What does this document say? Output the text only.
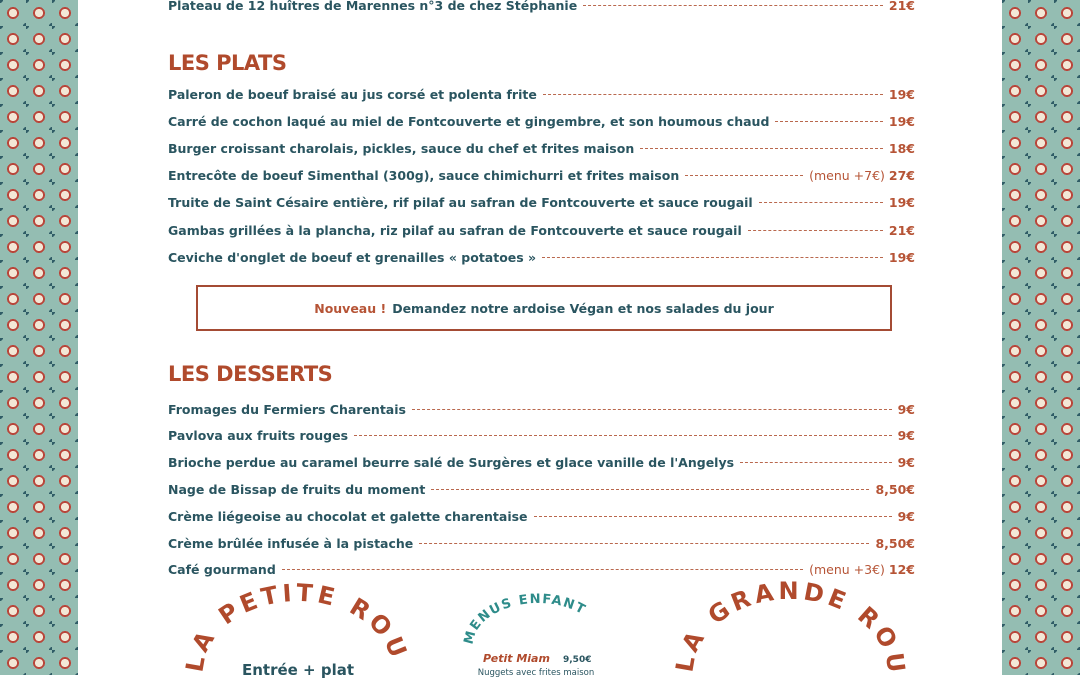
Plateau de 12 huîtres de Marennes n°3 de chez Stéphanie	21€
LES PLATS
Paleron de boeuf braisé au jus corsé et polenta frite	19€
Carré de cochon laqué au miel de Fontcouverte et gingembre, et son houmous chaud	19€
Burger croissant charolais, pickles, sauce du chef et frites maison	18€
Entrecôte de boeuf Simenthal (300g), sauce chimichurri et frites maison	(menu +7€) 27€
Truite de Saint Césaire entière, rif pilaf au safran de Fontcouverte et sauce rougail	19€
Gambas grillées à la plancha, riz pilaf au safran de Fontcouverte et sauce rougail	21€
Ceviche d'onglet de boeuf et grenailles « potatoes »	19€
Nouveau ! Demandez notre ardoise Végan et nos salades du jour
LES DESSERTS
Fromages du Fermiers Charentais	9€
Pavlova aux fruits rouges	9€
Brioche perdue au caramel beurre salé de Surgères et glace vanille de l'Angelys	9€
Nage de Bissap de fruits du moment	8,50€
Crème liégeoise au chocolat et galette charentaise	9€
Crème brûlée infusée à la pistache	8,50€
Café gourmand	(menu +3€) 12€
LA PETITE ROUE
Entrée + plat
MENUS ENFANT
Petit Miam 9,50€
Nuggets avec frites maison	LA GRANDE ROUE
